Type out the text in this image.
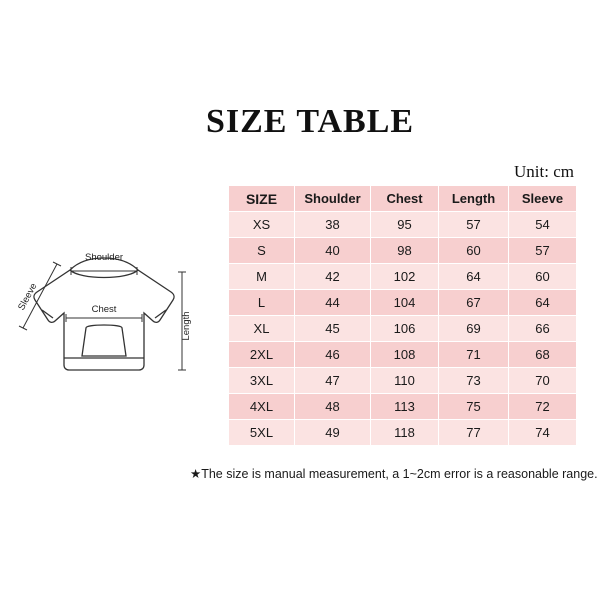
SIZE TABLE
Unit: cm
SIZE	Shoulder	Chest	Length	Sleeve
XS	38	95	57	54
S	40	98	60	57
M	42	102	64	60
L	44	104	67	64
XL	45	106	69	66
2XL	46	108	71	68
3XL	47	110	73	70
4XL	48	113	75	72
5XL	49	118	77	74
★The size is manual measurement, a 1~2cm error is a reasonable range.
Shoulder
Chest
Length
Sleeve
